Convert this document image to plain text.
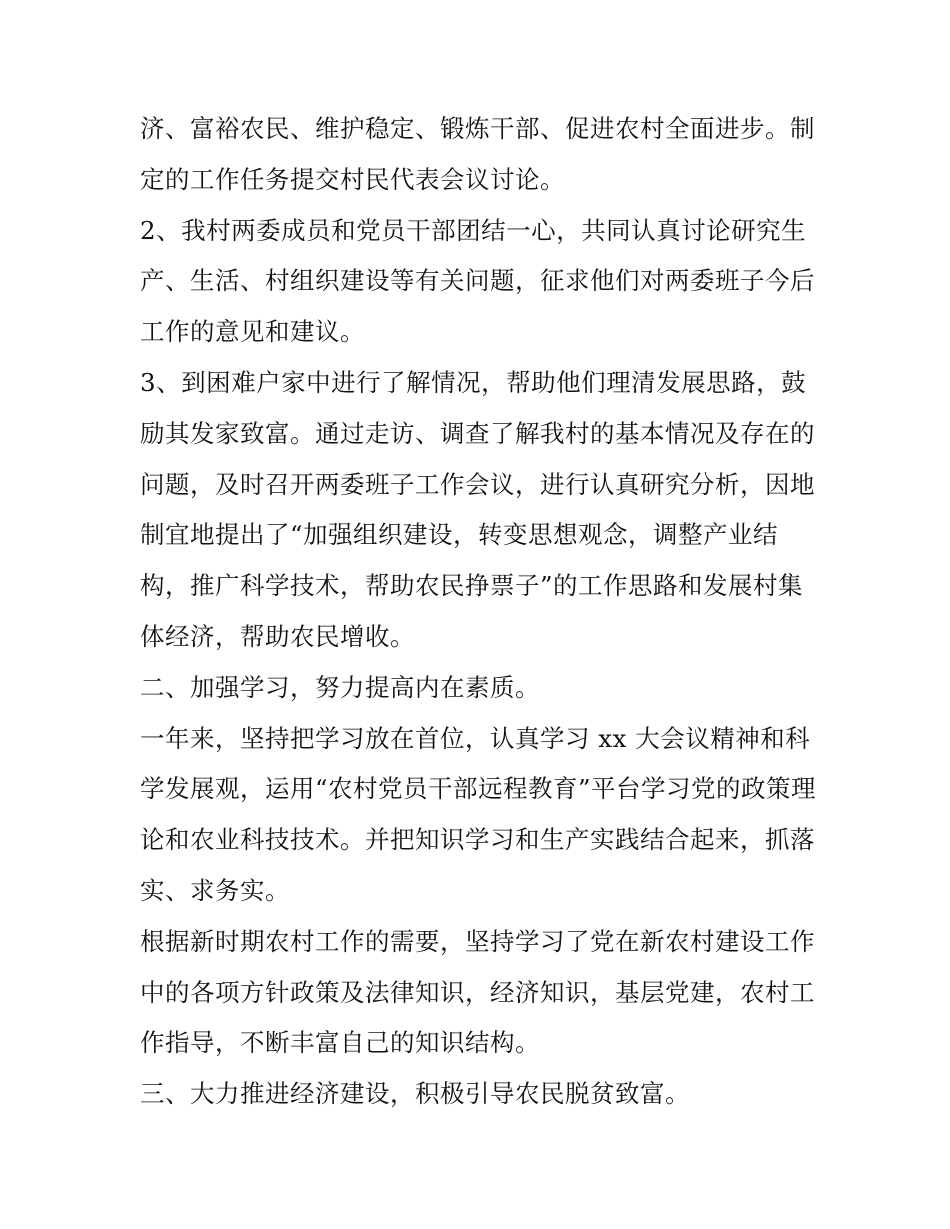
济、富裕农民、维护稳定、锻炼干部、促进农村全面进步。制
定的工作任务提交村民代表会议讨论。
2、我村两委成员和党员干部团结一心，共同认真讨论研究生
产、生活、村组织建设等有关问题，征求他们对两委班子今后
工作的意见和建议。
3、到困难户家中进行了解情况，帮助他们理清发展思路，鼓
励其发家致富。通过走访、调查了解我村的基本情况及存在的
问题，及时召开两委班子工作会议，进行认真研究分析，因地
制宜地提出了“加强组织建设，转变思想观念，调整产业结
构，推广科学技术，帮助农民挣票子”的工作思路和发展村集
体经济，帮助农民增收。
二、加强学习，努力提高内在素质。
一年来，坚持把学习放在首位，认真学习 xx 大会议精神和科
学发展观，运用“农村党员干部远程教育”平台学习党的政策理
论和农业科技技术。并把知识学习和生产实践结合起来，抓落
实、求务实。
根据新时期农村工作的需要，坚持学习了党在新农村建设工作
中的各项方针政策及法律知识，经济知识，基层党建，农村工
作指导，不断丰富自己的知识结构。
三、大力推进经济建设，积极引导农民脱贫致富。
